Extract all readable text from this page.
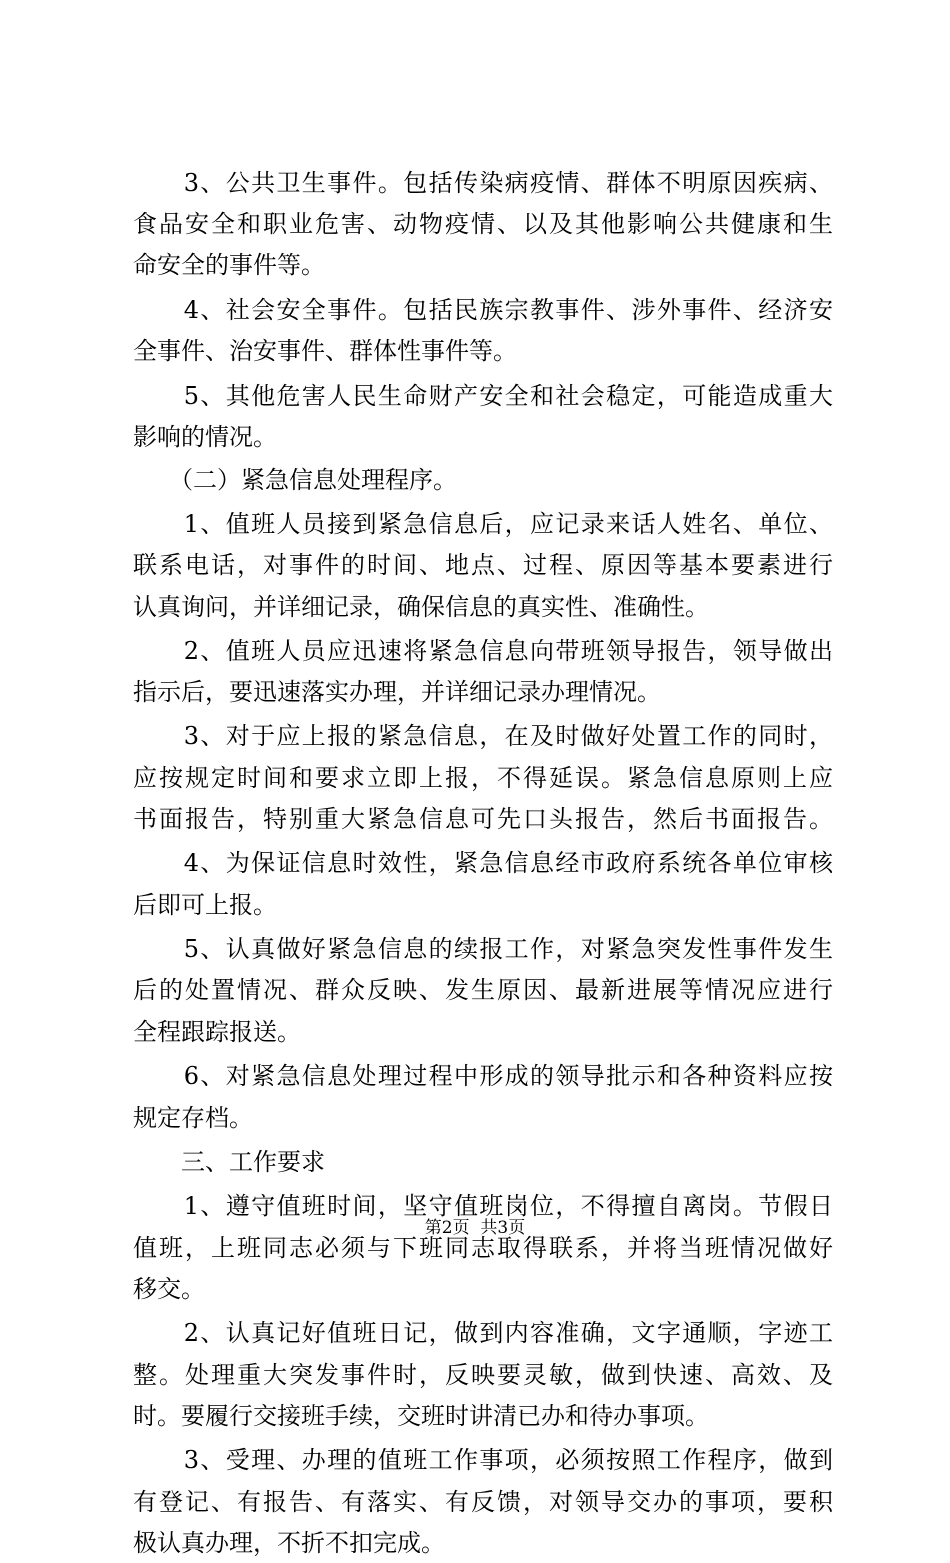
3 、 公 共 卫 生 事 件 。 包 括 传 染 病 疫 情 、 群 体 不 明 原 因 疾 病 、
食 品 安 全 和 职 业 危 害 、 动 物 疫 情 、 以 及 其 他 影 响 公 共 健 康 和 生
命安全的事件等。

4 、 社 会 安 全 事 件 。 包 括 民 族 宗 教 事 件 、 涉 外 事 件 、 经 济 安
全事件、治安事件、群体性事件等。

5 、 其 他 危 害 人 民 生 命 财 产 安 全 和 社 会 稳 定 ， 可 能 造 成 重 大
影响的情况。
　　（二）紧急信息处理程序。

1 、 值 班 人 员 接 到 紧 急 信 息 后 ， 应 记 录 来 话 人 姓 名 、 单 位 、
联 系 电 话 ， 对 事 件 的 时 间 、 地 点 、 过 程 、 原 因 等 基 本 要 素 进 行
认真询问，并详细记录，确保信息的真实性、准确性。

2 、 值 班 人 员 应 迅 速 将 紧 急 信 息 向 带 班 领 导 报 告 ， 领 导 做 出
指示后，要迅速落实办理，并详细记录办理情况。

3 、 对 于 应 上 报 的 紧 急 信 息 ， 在 及 时 做 好 处 置 工 作 的 同 时 ，
应 按 规 定 时 间 和 要 求 立 即 上 报 ， 不 得 延 误 。 紧 急 信 息 原 则 上 应
书 面 报 告 ， 特 别 重 大 紧 急 信 息 可 先 口 头 报 告 ， 然 后 书 面 报 告 。

4 、 为 保 证 信 息 时 效 性 ， 紧 急 信 息 经 市 政 府 系 统 各 单 位 审 核
后即可上报。

5 、 认 真 做 好 紧 急 信 息 的 续 报 工 作 ， 对 紧 急 突 发 性 事 件 发 生
后 的 处 置 情 况 、 群 众 反 映 、 发 生 原 因 、 最 新 进 展 等 情 况 应 进 行
全程跟踪报送。

6 、 对 紧 急 信 息 处 理 过 程 中 形 成 的 领 导 批 示 和 各 种 资 料 应 按
规定存档。
　　三、工作要求

1 、 遵 守 值 班 时 间 ， 坚 守 值 班 岗 位 ， 不 得 擅 自 离 岗 。 节 假 日
值 班 ， 上 班 同 志 必 须 与 下 班 同 志 取 得 联 系 ， 并 将 当 班 情 况 做 好
移交。

2 、 认 真 记 好 值 班 日 记 ， 做 到 内 容 准 确 ， 文 字 通 顺 ， 字 迹 工
整 。 处 理 重 大 突 发 事 件 时 ， 反 映 要 灵 敏 ， 做 到 快 速 、 高 效 、 及
时。要履行交接班手续，交班时讲清已办和待办事项。

3 、 受 理 、 办 理 的 值 班 工 作 事 项 ， 必 须 按 照 工 作 程 序 ， 做 到
有 登 记 、 有 报 告 、 有 落 实 、 有 反 馈 ， 对 领 导 交 办 的 事 项 ， 要 积
极认真办理，不折不扣完成。
第2页  共3页
